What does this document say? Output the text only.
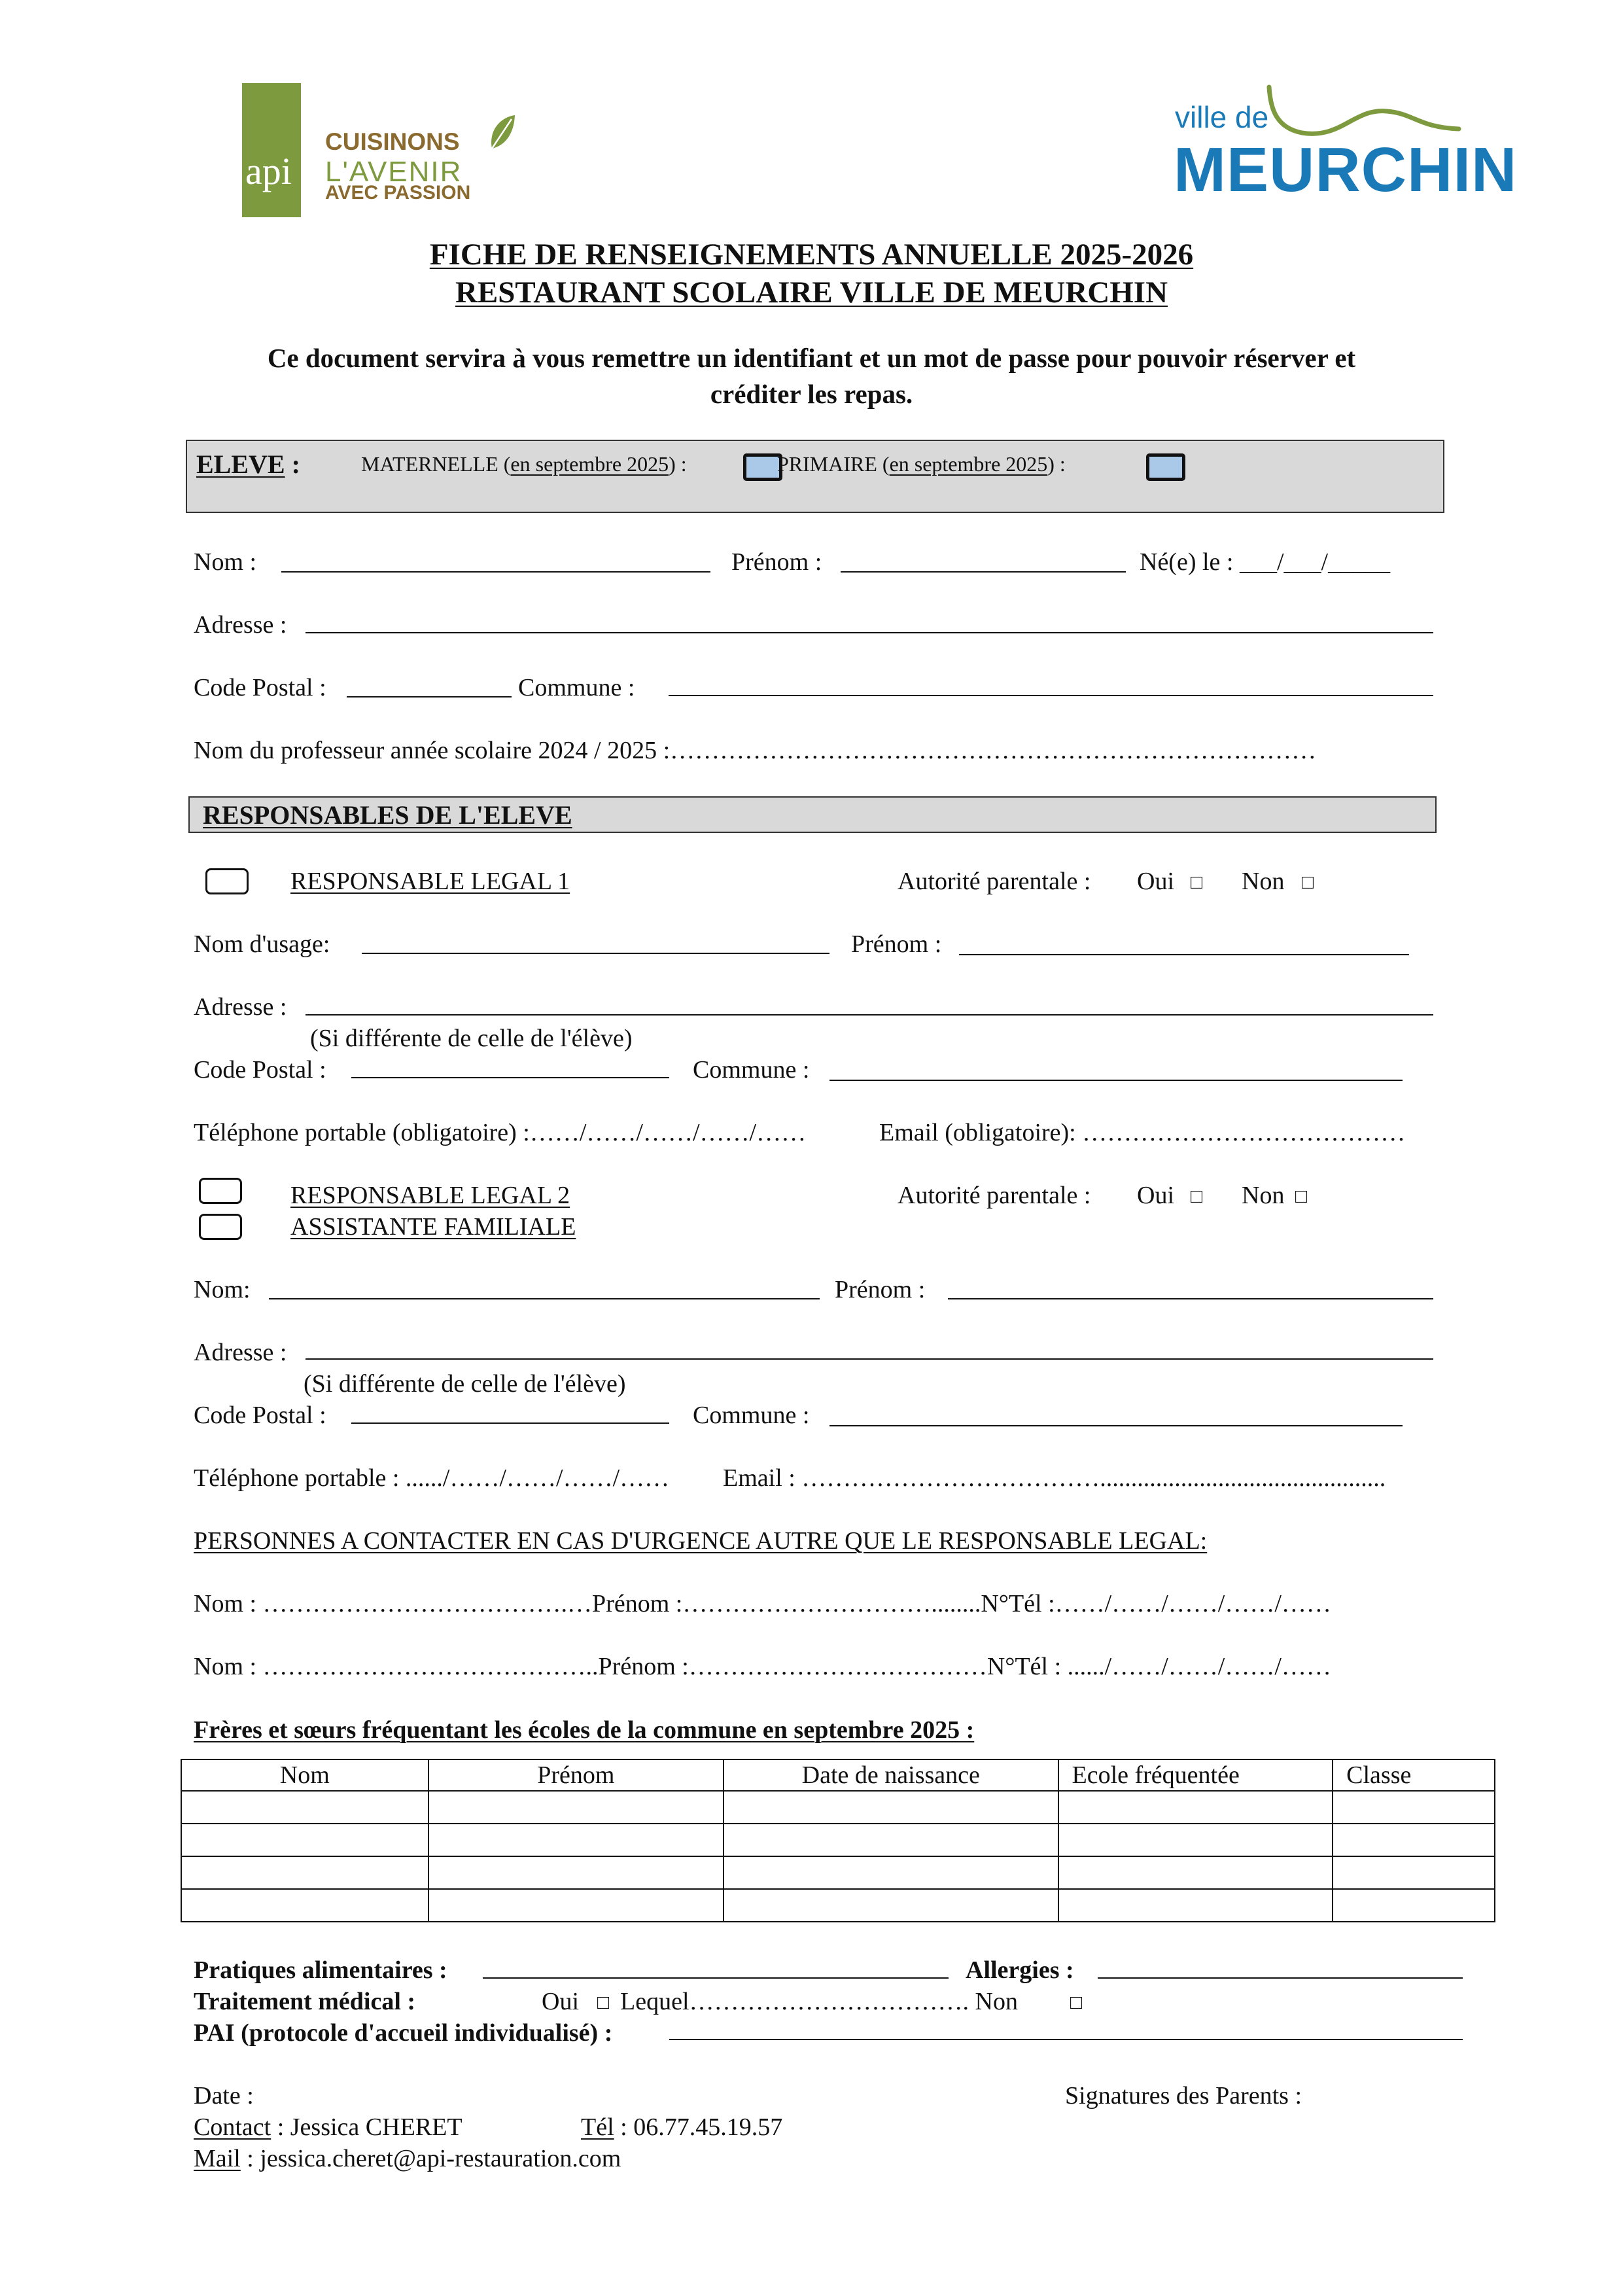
api
CUISINONS
L'AVENIR
AVEC PASSION
ville de
MEURCHIN
FICHE DE RENSEIGNEMENTS ANNUELLE 2025-2026
RESTAURANT SCOLAIRE VILLE DE MEURCHIN
Ce document servira à vous remettre un identifiant et un mot de passe pour pouvoir réserver et
créditer les repas.
ELEVE :	MATERNELLE (en septembre 2025) :	PRIMAIRE (en septembre 2025) :
Nom :	Prénom :	Né(e) le : ___/___/_____
Adresse :
Code Postal :	Commune :
Nom du professeur année scolaire 2024 / 2025 :……………………………………………………………………
RESPONSABLES DE L'ELEVE
RESPONSABLE LEGAL 1	Autorité parentale : Oui □ Non □
Nom d'usage:	Prénom :
Adresse :
(Si différente de celle de l'élève)
Code Postal :	Commune :
Téléphone portable (obligatoire) :……/……/……/……/……	Email (obligatoire): …………………………………
RESPONSABLE LEGAL 2
ASSISTANTE FAMILIALE
Autorité parentale : Oui □ Non □
Nom:	Prénom :
Adresse :
(Si différente de celle de l'élève)
Code Postal :	Commune :
Téléphone portable : ....../……/……/……/…… Email : ………………………………..............................................
PERSONNES A CONTACTER EN CAS D'URGENCE AUTRE QUE LE RESPONSABLE LEGAL:
Nom : ……………………………….…Prénom :…………………………........N°Tél :……/……/……/……/……
Nom : …………………………………..Prénom :………………………………N°Tél : ....../……/……/……/……
Frères et sœurs fréquentant les écoles de la commune en septembre 2025 :
Nom	Prénom	Date de naissance	Ecole fréquentée	Classe

Pratiques alimentaires :	Allergies :
Traitement médical :	Oui □ Lequel……………………………. Non	□
PAI (protocole d'accueil individualisé) :
Date :	Signatures des Parents :
Contact : Jessica CHERET	Tél : 06.77.45.19.57
Mail : jessica.cheret@api-restauration.com
